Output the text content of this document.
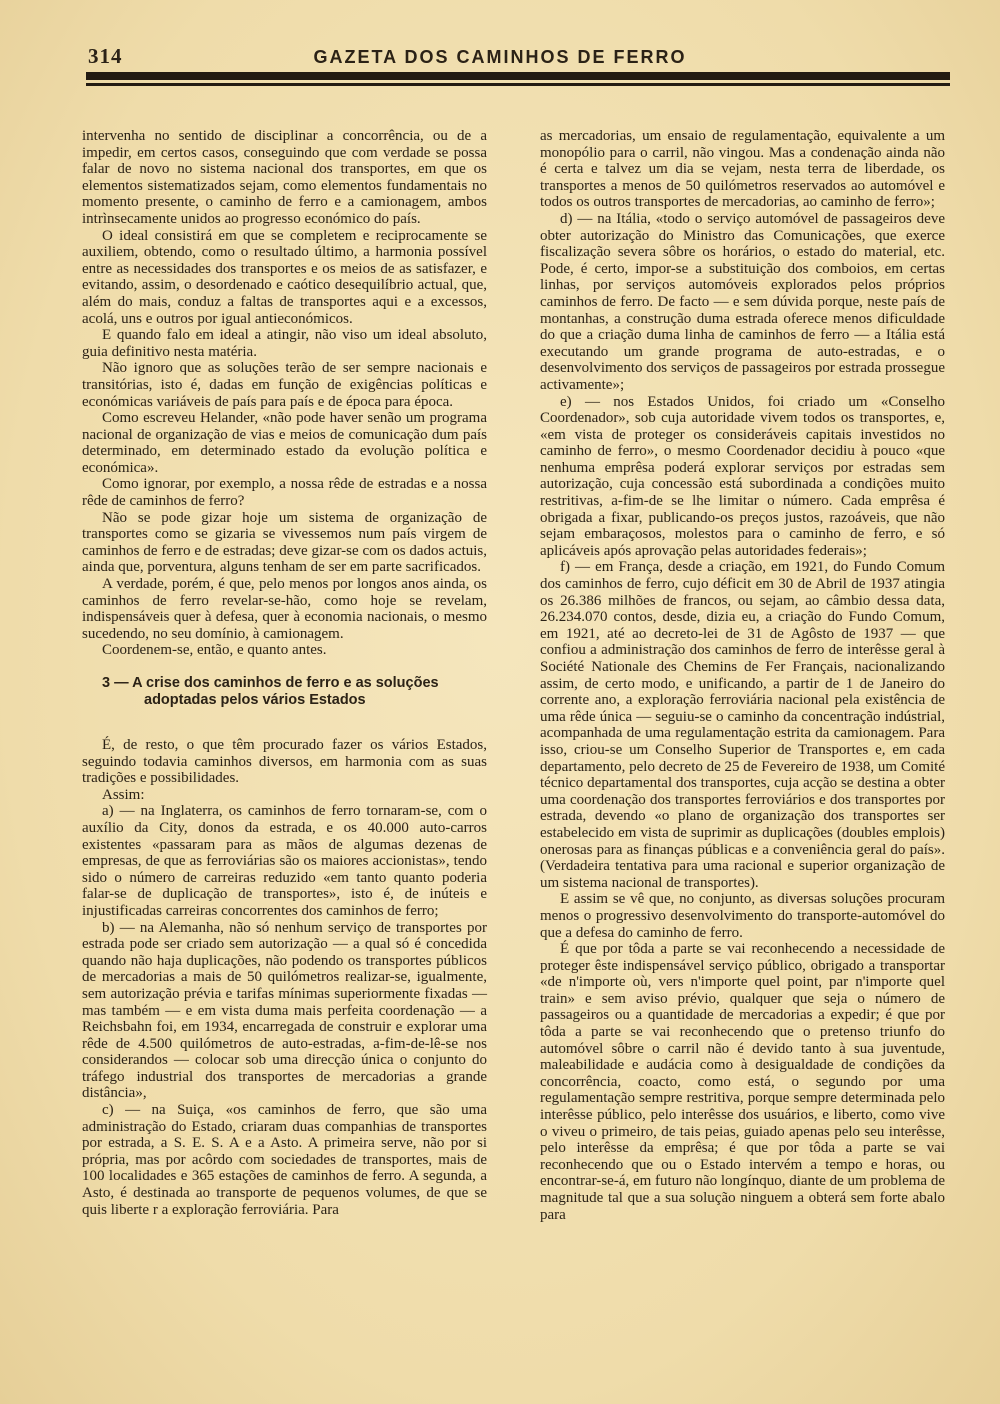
314	GAZETA DOS CAMINHOS DE FERRO

intervenha no sentido de disciplinar a concorrência, ou de a impedir, em certos casos, conseguindo que com verdade se possa falar de novo no sistema nacional dos transportes, em que os elementos sistematizados sejam, como elementos fundamentais no momento presente, o caminho de ferro e a camionagem, ambos intrìnsecamente unidos ao progresso económico do país.

O ideal consistirá em que se completem e reciprocamente se auxiliem, obtendo, como o resultado último, a harmonia possível entre as necessidades dos transportes e os meios de as satisfazer, e evitando, assim, o desordenado e caótico desequilíbrio actual, que, além do mais, conduz a faltas de transportes aqui e a excessos, acolá, uns e outros por igual antieconómicos.

E quando falo em ideal a atingir, não viso um ideal absoluto, guia definitivo nesta matéria.

Não ignoro que as soluções terão de ser sempre nacionais e transitórias, isto é, dadas em função de exigências políticas e económicas variáveis de país para país e de época para época.

Como escreveu Helander, «não pode haver senão um programa nacional de organização de vias e meios de comunicação dum país determinado, em determinado estado da evolução política e económica».

Como ignorar, por exemplo, a nossa rêde de estradas e a nossa rêde de caminhos de ferro?

Não se pode gizar hoje um sistema de organização de transportes como se gizaria se vivessemos num país virgem de caminhos de ferro e de estradas; deve gizar-se com os dados actuis, ainda que, porventura, alguns tenham de ser em parte sacrificados.

A verdade, porém, é que, pelo menos por longos anos ainda, os caminhos de ferro revelar-se-hão, como hoje se revelam, indispensáveis quer à defesa, quer à economia nacionais, o mesmo sucedendo, no seu domínio, à camionagem.

Coordenem-se, então, e quanto antes.

3 — A crise dos caminhos de ferro e as soluções
adoptadas pelos vários Estados

É, de resto, o que têm procurado fazer os vários Estados, seguindo todavia caminhos diversos, em harmonia com as suas tradições e possibilidades.

Assim:

a) — na Inglaterra, os caminhos de ferro tornaram-se, com o auxílio da City, donos da estrada, e os 40.000 auto-carros existentes «passaram para as mãos de algumas dezenas de empresas, de que as ferroviárias são os maiores accionistas», tendo sido o número de carreiras reduzido «em tanto quanto poderia falar-se de duplicação de transportes», isto é, de inúteis e injustificadas carreiras concorrentes dos caminhos de ferro;

b) — na Alemanha, não só nenhum serviço de transportes por estrada pode ser criado sem autorização — a qual só é concedida quando não haja duplicações, não podendo os transportes públicos de mercadorias a mais de 50 quilómetros realizar-se, igualmente, sem autorização prévia e tarifas mínimas superiormente fixadas — mas também — e em vista duma mais perfeita coordenação — a Reichsbahn foi, em 1934, encarregada de construir e explorar uma rêde de 4.500 quilómetros de auto-estradas, a-fim-de-lê-se nos considerandos — colocar sob uma direcção única o conjunto do tráfego industrial dos transportes de mercadorias a grande distância»,

c) — na Suiça, «os caminhos de ferro, que são uma administração do Estado, criaram duas companhias de transportes por estrada, a S. E. S. A e a Asto. A primeira serve, não por si própria, mas por acôrdo com sociedades de transportes, mais de 100 localidades e 365 estações de caminhos de ferro. A segunda, a Asto, é destinada ao transporte de pequenos volumes, de que se quis liberte r a exploração ferroviária. Para

as mercadorias, um ensaio de regulamentação, equivalente a um monopólio para o carril, não vingou. Mas a condenação ainda não é certa e talvez um dia se vejam, nesta terra de liberdade, os transportes a menos de 50 quilómetros reservados ao automóvel e todos os outros transportes de mercadorias, ao caminho de ferro»;

d) — na Itália, «todo o serviço automóvel de passageiros deve obter autorização do Ministro das Comunicações, que exerce fiscalização severa sôbre os horários, o estado do material, etc. Pode, é certo, impor-se a substituição dos comboios, em certas linhas, por serviços automóveis explorados pelos próprios caminhos de ferro. De facto — e sem dúvida porque, neste país de montanhas, a construção duma estrada oferece menos dificuldade do que a criação duma linha de caminhos de ferro — a Itália está executando um grande programa de auto-estradas, e o desenvolvimento dos serviços de passageiros por estrada prossegue activamente»;

e) — nos Estados Unidos, foi criado um «Conselho Coordenador», sob cuja autoridade vivem todos os transportes, e, «em vista de proteger os consideráveis capitais investidos no caminho de ferro», o mesmo Coordenador decidiu à pouco «que nenhuma emprêsa poderá explorar serviços por estradas sem autorização, cuja concessão está subordinada a condições muito restritivas, a-fim-de se lhe limitar o número. Cada emprêsa é obrigada a fixar, publicando-os preços justos, razoáveis, que não sejam embaraçosos, molestos para o caminho de ferro, e só aplicáveis após aprovação pelas autoridades federais»;

f) — em França, desde a criação, em 1921, do Fundo Comum dos caminhos de ferro, cujo déficit em 30 de Abril de 1937 atingia os 26.386 milhões de francos, ou sejam, ao câmbio dessa data, 26.234.070 contos, desde, dizia eu, a criação do Fundo Comum, em 1921, até ao decreto-lei de 31 de Agôsto de 1937 — que confiou a administração dos caminhos de ferro de interêsse geral à Société Nationale des Chemins de Fer Français, nacionalizando assim, de certo modo, e unificando, a partir de 1 de Janeiro do corrente ano, a exploração ferroviária nacional pela existência de uma rêde única — seguiu-se o caminho da concentração indústrial, acompanhada de uma regulamentação estrita da camionagem. Para isso, criou-se um Conselho Superior de Transportes e, em cada departamento, pelo decreto de 25 de Fevereiro de 1938, um Comité técnico departamental dos transportes, cuja acção se destina a obter uma coordenação dos transportes ferroviários e dos transportes por estrada, devendo «o plano de organização dos transportes ser estabelecido em vista de suprimir as duplicações (doubles emplois) onerosas para as finanças públicas e a conveniência geral do país». (Verdadeira tentativa para uma racional e superior organização de um sistema nacional de transportes).

E assim se vê que, no conjunto, as diversas soluções procuram menos o progressivo desenvolvimento do transporte-automóvel do que a defesa do caminho de ferro.

É que por tôda a parte se vai reconhecendo a necessidade de proteger êste indispensável serviço público, obrigado a transportar «de n'importe où, vers n'importe quel point, par n'importe quel train» e sem aviso prévio, qualquer que seja o número de passageiros ou a quantidade de mercadorias a expedir; é que por tôda a parte se vai reconhecendo que o pretenso triunfo do automóvel sôbre o carril não é devido tanto à sua juventude, maleabilidade e audácia como à desigualdade de condições da concorrência, coacto, como está, o segundo por uma regulamentação sempre restritiva, porque sempre determinada pelo interêsse público, pelo interêsse dos usuários, e liberto, como vive o viveu o primeiro, de tais peias, guiado apenas pelo seu interêsse, pelo interêsse da emprêsa; é que por tôda a parte se vai reconhecendo que ou o Estado intervém a tempo e horas, ou encontrar-se-á, em futuro não longínquo, diante de um problema de magnitude tal que a sua solução ninguem a obterá sem forte abalo para
